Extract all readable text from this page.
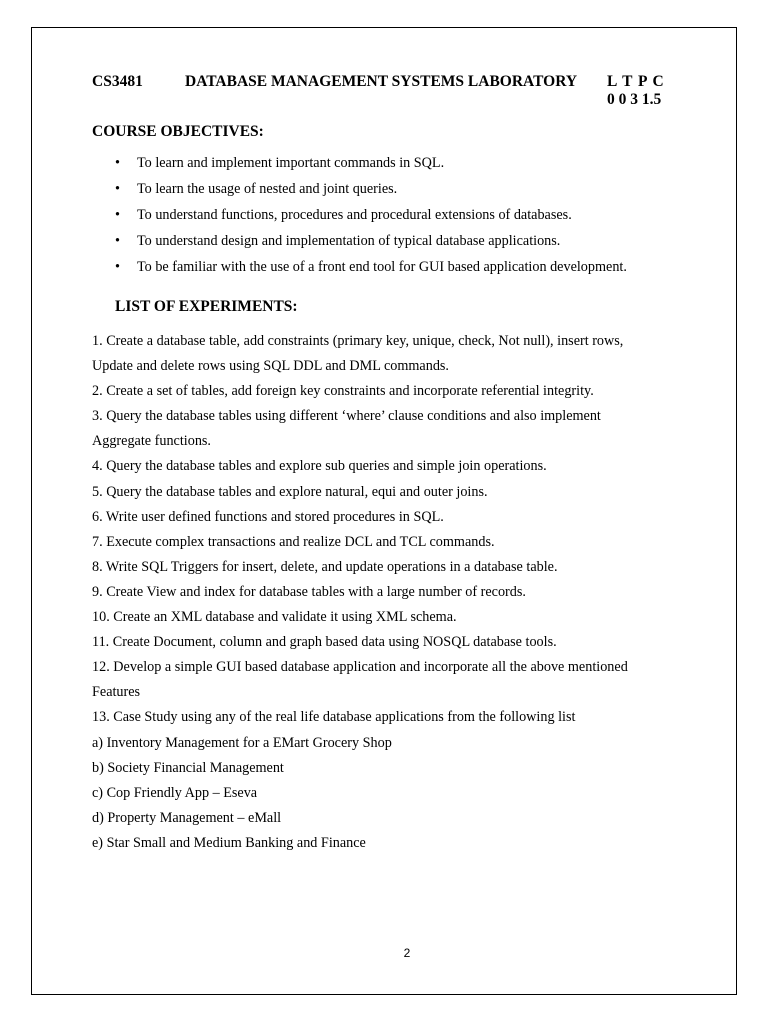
CS3481	DATABASE MANAGEMENT SYSTEMS LABORATORY L T P C
0 0 3 1.5
COURSE OBJECTIVES:
• To learn and implement important commands in SQL.
• To learn the usage of nested and joint queries.
• To understand functions, procedures and procedural extensions of databases.
• To understand design and implementation of typical database applications.
• To be familiar with the use of a front end tool for GUI based application development.
LIST OF EXPERIMENTS:
1. Create a database table, add constraints (primary key, unique, check, Not null), insert rows,
Update and delete rows using SQL DDL and DML commands.
2. Create a set of tables, add foreign key constraints and incorporate referential integrity.
3. Query the database tables using different ‘where’ clause conditions and also implement
Aggregate functions.
4. Query the database tables and explore sub queries and simple join operations.
5. Query the database tables and explore natural, equi and outer joins.
6. Write user defined functions and stored procedures in SQL.
7. Execute complex transactions and realize DCL and TCL commands.
8. Write SQL Triggers for insert, delete, and update operations in a database table.
9. Create View and index for database tables with a large number of records.
10. Create an XML database and validate it using XML schema.
11. Create Document, column and graph based data using NOSQL database tools.
12. Develop a simple GUI based database application and incorporate all the above mentioned
Features
13. Case Study using any of the real life database applications from the following list
a) Inventory Management for a EMart Grocery Shop
b) Society Financial Management
c) Cop Friendly App – Eseva
d) Property Management – eMall
e) Star Small and Medium Banking and Finance
2
